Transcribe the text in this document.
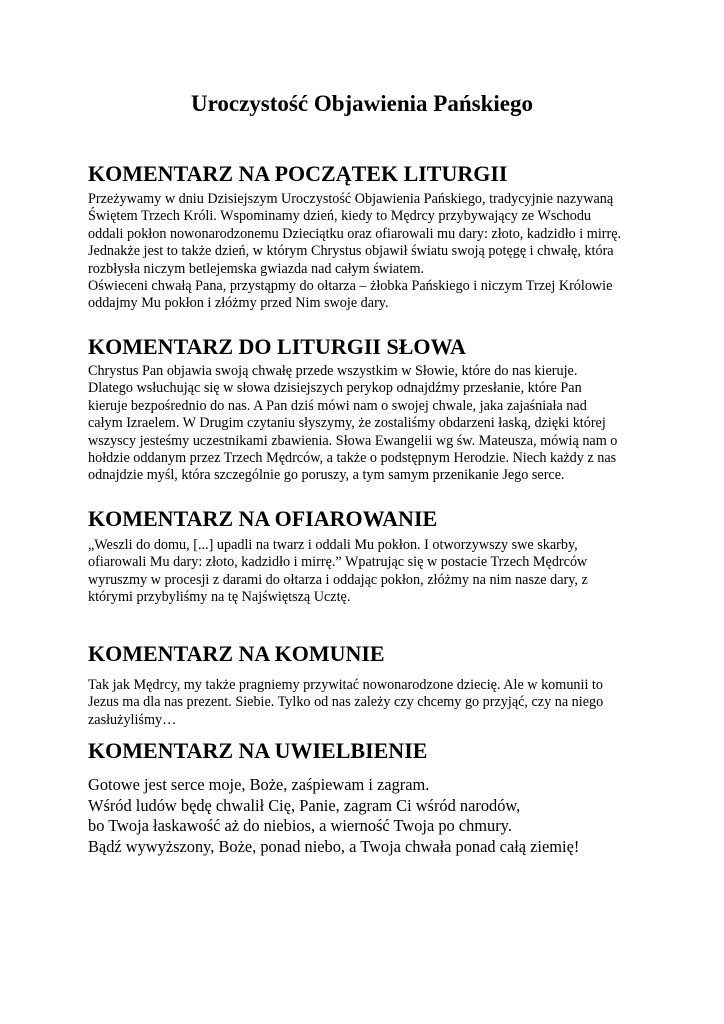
Uroczystość Objawienia Pańskiego
KOMENTARZ NA POCZĄTEK LITURGII
Przeżywamy w dniu Dzisiejszym Uroczystość Objawienia Pańskiego, tradycyjnie nazywaną
Świętem Trzech Króli. Wspominamy dzień, kiedy to Mędrcy przybywający ze Wschodu
oddali pokłon nowonarodzonemu Dzieciątku oraz ofiarowali mu dary: złoto, kadzidło i mirrę.
Jednakże jest to także dzień, w którym Chrystus objawił światu swoją potęgę i chwałę, która
rozbłysła niczym betlejemska gwiazda nad całym światem.
Oświeceni chwałą Pana, przystąpmy do ołtarza – żłobka Pańskiego i niczym Trzej Królowie
oddajmy Mu pokłon i złóżmy przed Nim swoje dary.
KOMENTARZ DO LITURGII SŁOWA
Chrystus Pan objawia swoją chwałę przede wszystkim w Słowie, które do nas kieruje.
Dlatego wsłuchując się w słowa dzisiejszych perykop odnajdźmy przesłanie, które Pan
kieruje bezpośrednio do nas. A Pan dziś mówi nam o swojej chwale, jaka zajaśniała nad
całym Izraelem. W Drugim czytaniu słyszymy, że zostaliśmy obdarzeni łaską, dzięki której
wszyscy jesteśmy uczestnikami zbawienia. Słowa Ewangelii wg św. Mateusza, mówią nam o
hołdzie oddanym przez Trzech Mędrców, a także o podstępnym Herodzie. Niech każdy z nas
odnajdzie myśl, która szczególnie go poruszy, a tym samym przenikanie Jego serce.
KOMENTARZ NA OFIAROWANIE
„Weszli do domu, [...] upadli na twarz i oddali Mu pokłon. I otworzywszy swe skarby,
ofiarowali Mu dary: złoto, kadzidło i mirrę.” Wpatrując się w postacie Trzech Mędrców
wyruszmy w procesji z darami do ołtarza i oddając pokłon, złóżmy na nim nasze dary, z
którymi przybyliśmy na tę Najświętszą Ucztę.
KOMENTARZ NA KOMUNIE
Tak jak Mędrcy, my także pragniemy przywitać nowonarodzone dziecię. Ale w komunii to
Jezus ma dla nas prezent. Siebie. Tylko od nas zależy czy chcemy go przyjąć, czy na niego
zasłużyliśmy…
KOMENTARZ NA UWIELBIENIE
Gotowe jest serce moje, Boże, zaśpiewam i zagram.
Wśród ludów będę chwalił Cię, Panie, zagram Ci wśród narodów,
bo Twoja łaskawość aż do niebios, a wierność Twoja po chmury.
Bądź wywyższony, Boże, ponad niebo, a Twoja chwała ponad całą ziemię!
